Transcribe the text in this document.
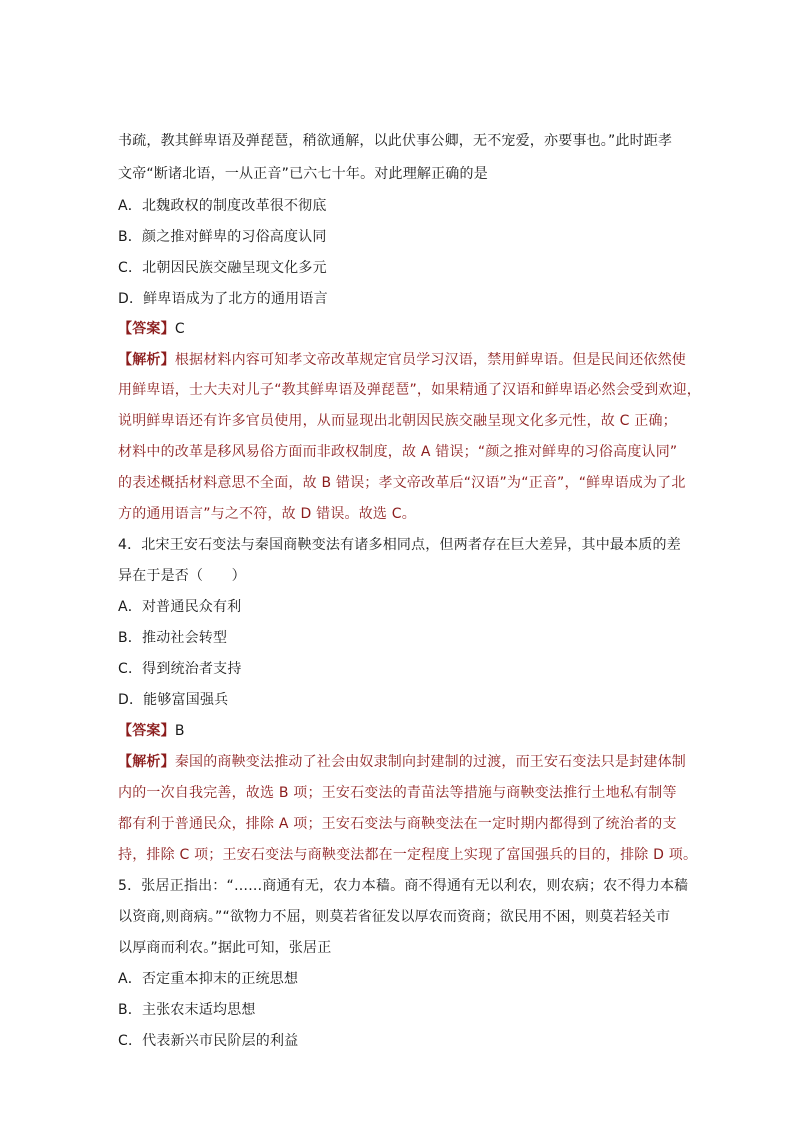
书疏，教其鲜卑语及弹琵琶，稍欲通解，以此伏事公卿，无不宠爱，亦要事也。”此时距孝
文帝“断诸北语，一从正音”已六七十年。对此理解正确的是
A．北魏政权的制度改革很不彻底
B．颜之推对鲜卑的习俗高度认同
C．北朝因民族交融呈现文化多元
D．鲜卑语成为了北方的通用语言
【答案】C
【解析】根据材料内容可知孝文帝改革规定官员学习汉语，禁用鲜卑语。但是民间还依然使
用鲜卑语，士大夫对儿子“教其鲜卑语及弹琵琶”，如果精通了汉语和鲜卑语必然会受到欢迎，
说明鲜卑语还有许多官员使用，从而显现出北朝因民族交融呈现文化多元性，故 C 正确；
材料中的改革是移风易俗方面而非政权制度，故 A 错误；“颜之推对鲜卑的习俗高度认同”
的表述概括材料意思不全面，故 B 错误；孝文帝改革后“汉语”为“正音”，“鲜卑语成为了北
方的通用语言”与之不符，故 D 错误。故选 C。
4．北宋王安石变法与秦国商鞅变法有诸多相同点，但两者存在巨大差异，其中最本质的差
异在于是否（　　）
A．对普通民众有利
B．推动社会转型
C．得到统治者支持
D．能够富国强兵
【答案】B
【解析】秦国的商鞅变法推动了社会由奴隶制向封建制的过渡，而王安石变法只是封建体制
内的一次自我完善，故选 B 项；王安石变法的青苗法等措施与商鞅变法推行土地私有制等
都有利于普通民众，排除 A 项；王安石变法与商鞅变法在一定时期内都得到了统治者的支
持，排除 C 项；王安石变法与商鞅变法都在一定程度上实现了富国强兵的目的，排除 D 项。
5．张居正指出：“……商通有无，农力本穑。商不得通有无以利农，则农病；农不得力本穑
以资商,则商病。”“欲物力不屈，则莫若省征发以厚农而资商；欲民用不困，则莫若轻关市
以厚商而利农。”据此可知，张居正
A．否定重本抑末的正统思想
B．主张农末适均思想
C．代表新兴市民阶层的利益
